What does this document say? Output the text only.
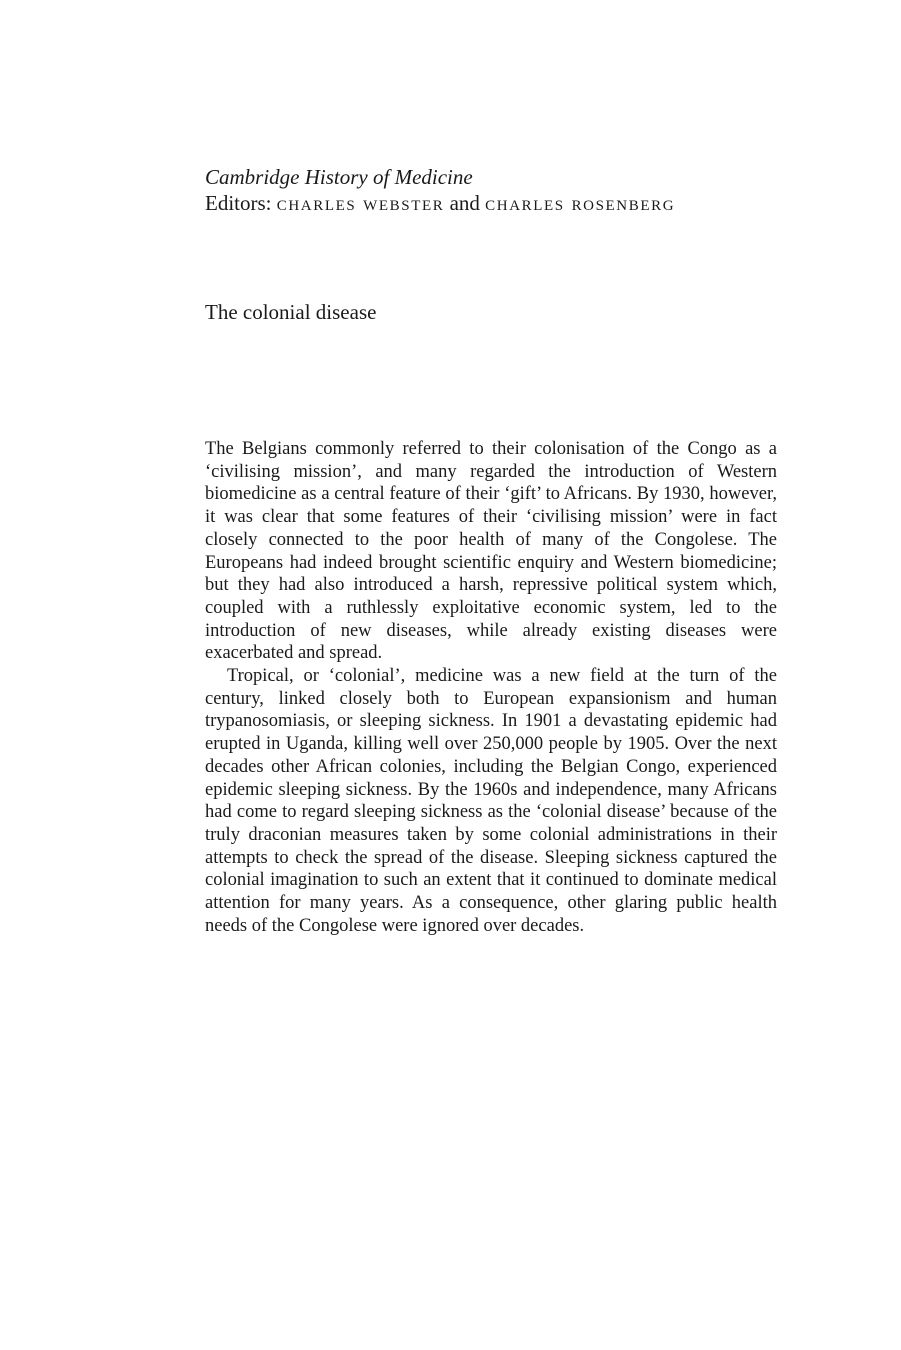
Cambridge History of Medicine
Editors: charles webster and charles rosenberg
The colonial disease

The Belgians commonly referred to their colonisation of the Congo as a ‘civilising mission’, and many regarded the introduction of Western biomedicine as a central feature of their ‘gift’ to Africans. By 1930, however, it was clear that some features of their ‘civilising mission’ were in fact closely connected to the poor health of many of the Congolese. The Europeans had indeed brought scientific enquiry and Western biomedicine; but they had also introduced a harsh, repressive political system which, coupled with a ruthlessly exploitative economic system, led to the introduction of new diseases, while already existing diseases were exacerbated and spread.

Tropical, or ‘colonial’, medicine was a new field at the turn of the century, linked closely both to European expansionism and human trypanosomiasis, or sleeping sickness. In 1901 a devastating epidemic had erupted in Uganda, killing well over 250,000 people by 1905. Over the next decades other African colonies, including the Belgian Congo, experienced epidemic sleeping sickness. By the 1960s and independence, many Africans had come to regard sleeping sickness as the ‘colonial disease’ because of the truly draconian measures taken by some colonial administrations in their attempts to check the spread of the disease. Sleeping sickness captured the colonial imagination to such an extent that it continued to dominate medical attention for many years. As a consequence, other glaring public health needs of the Congolese were ignored over decades.
